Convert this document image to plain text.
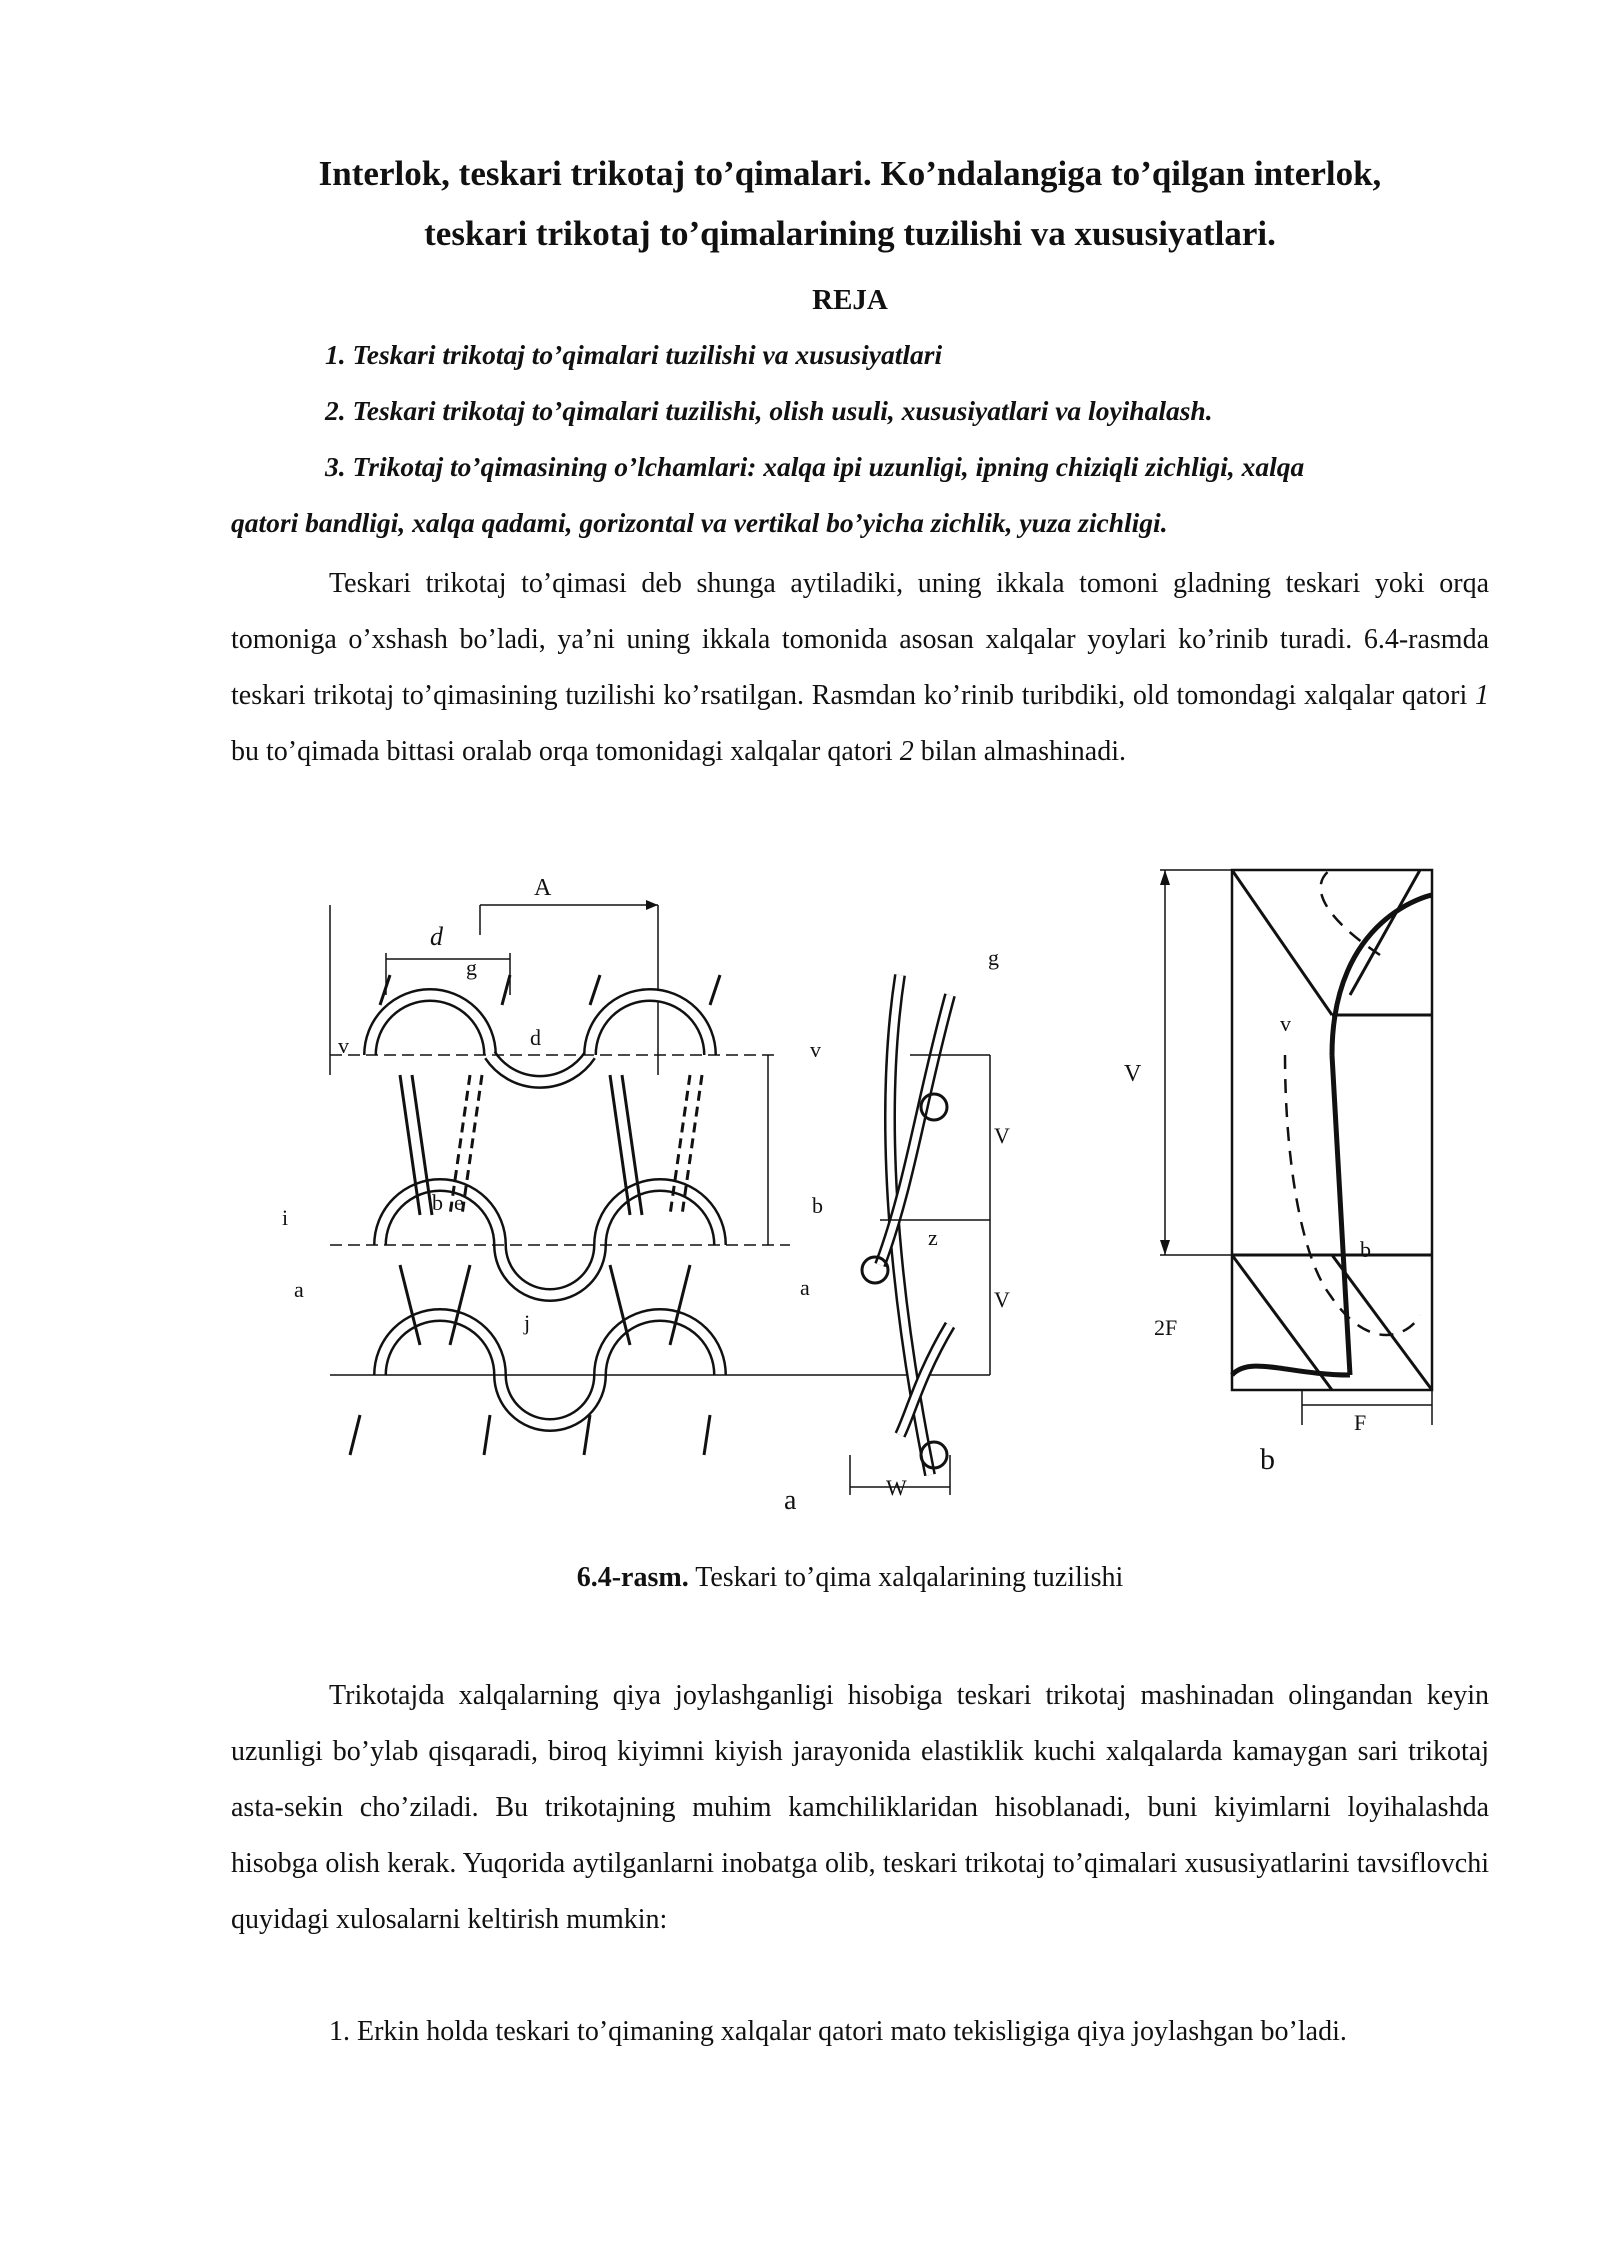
Interlok, teskari trikotaj to’qimalari. Ko’ndalangiga to’qilgan interlok,
teskari trikotaj to’qimalarining tuzilishi va xususiyatlari.
REJA
1. Teskari trikotaj to’qimalari tuzilishi va xususiyatlari
2. Teskari trikotaj to’qimalari tuzilishi, olish usuli, xususiyatlari va loyihalash.
3. Trikotaj to’qimasining o’lchamlari: xalqa ipi uzunligi, ipning chiziqli zichligi, xalqa
qatori bandligi, xalqa qadami, gorizontal va vertikal bo’yicha zichlik, yuza zichligi.

Teskari trikotaj to’qimasi deb shunga aytiladiki, uning ikkala tomoni gladning teskari yoki orqa tomoniga o’xshash bo’ladi, ya’ni uning ikkala tomonida asosan xalqalar yoylari ko’rinib turadi. 6.4-rasmda teskari trikotaj to’qimasining tuzilishi ko’rsatilgan. Rasmdan ko’rinib turibdiki, old tomondagi xalqalar qatori 1 bu to’qimada bittasi oralab orqa tomonidagi xalqalar qatori 2 bilan almashinadi.

A
d
g
d
v
i
b e
a
j
V
V
z
v
g
b
a
W
a
v
V
b
2F
F
b
6.4-rasm. Teskari to’qima xalqalarining tuzilishi

Trikotajda xalqalarning qiya joylashganligi hisobiga teskari trikotaj mashinadan olingandan keyin uzunligi bo’ylab qisqaradi, biroq kiyimni kiyish jarayonida elastiklik kuchi xalqalarda kamaygan sari trikotaj asta-sekin cho’ziladi. Bu trikotajning muhim kamchiliklaridan hisoblanadi, buni kiyimlarni loyihalashda hisobga olish kerak. Yuqorida aytilganlarni inobatga olib, teskari trikotaj to’qimalari xususiyatlarini tavsiflovchi quyidagi xulosalarni keltirish mumkin:

1. Erkin holda teskari to’qimaning xalqalar qatori mato tekisligiga qiya joylashgan bo’ladi.
